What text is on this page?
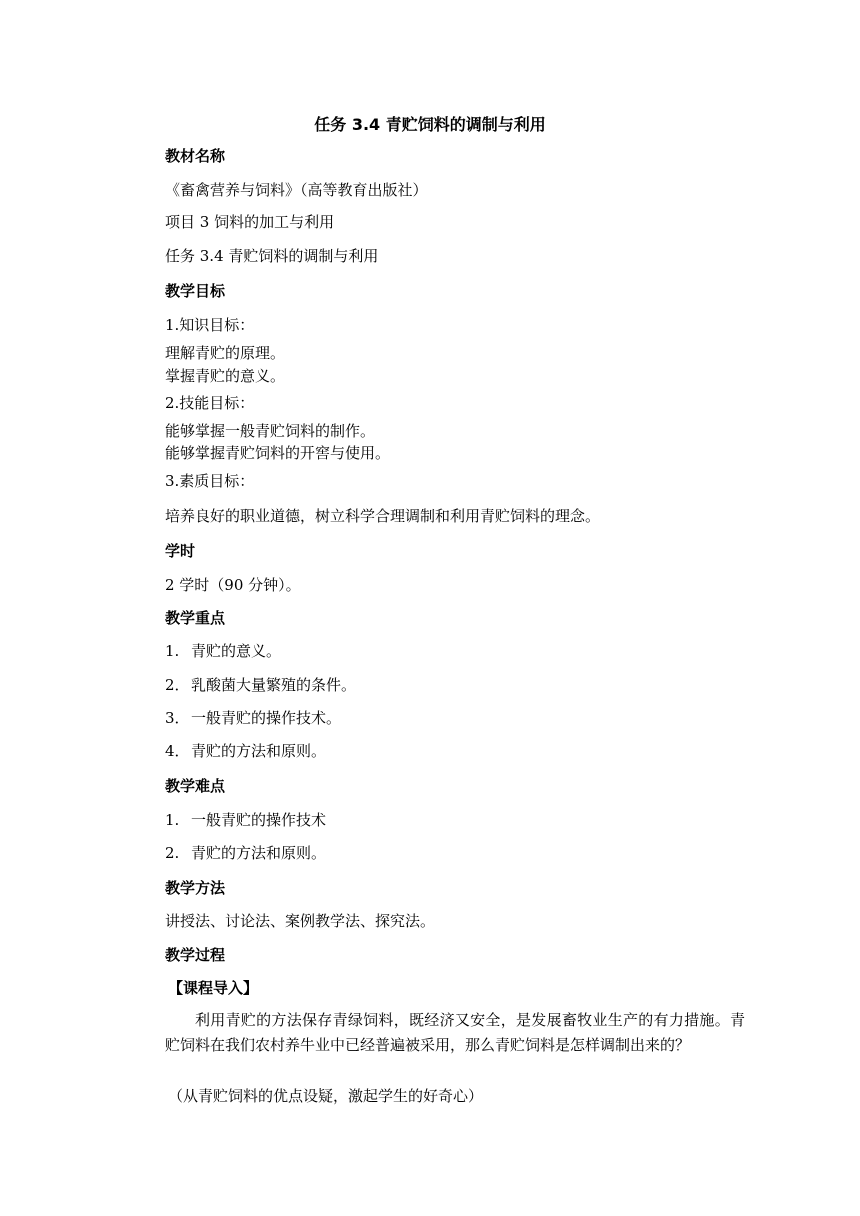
任务 3.4 青贮饲料的调制与利用
教材名称
《畜禽营养与饲料》（高等教育出版社）
项目 3 饲料的加工与利用
任务 3.4 青贮饲料的调制与利用
教学目标
1.知识目标：
理解青贮的原理。
掌握青贮的意义。
2.技能目标：
能够掌握一般青贮饲料的制作。
能够掌握青贮饲料的开窖与使用。
3.素质目标：
培养良好的职业道德，树立科学合理调制和利用青贮饲料的理念。
学时
2 学时（90 分钟）。
教学重点
1. 青贮的意义。
2．乳酸菌大量繁殖的条件。
3．一般青贮的操作技术。
4．青贮的方法和原则。
教学难点
1. 一般青贮的操作技术
2. 青贮的方法和原则。
教学方法
讲授法、讨论法、案例教学法、探究法。
教学过程
【课程导入】
利用青贮的方法保存青绿饲料，既经济又安全，是发展畜牧业生产的有力措施。青贮饲料在我们农村养牛业中已经普遍被采用，那么青贮饲料是怎样调制出来的？
（从青贮饲料的优点设疑，激起学生的好奇心）
